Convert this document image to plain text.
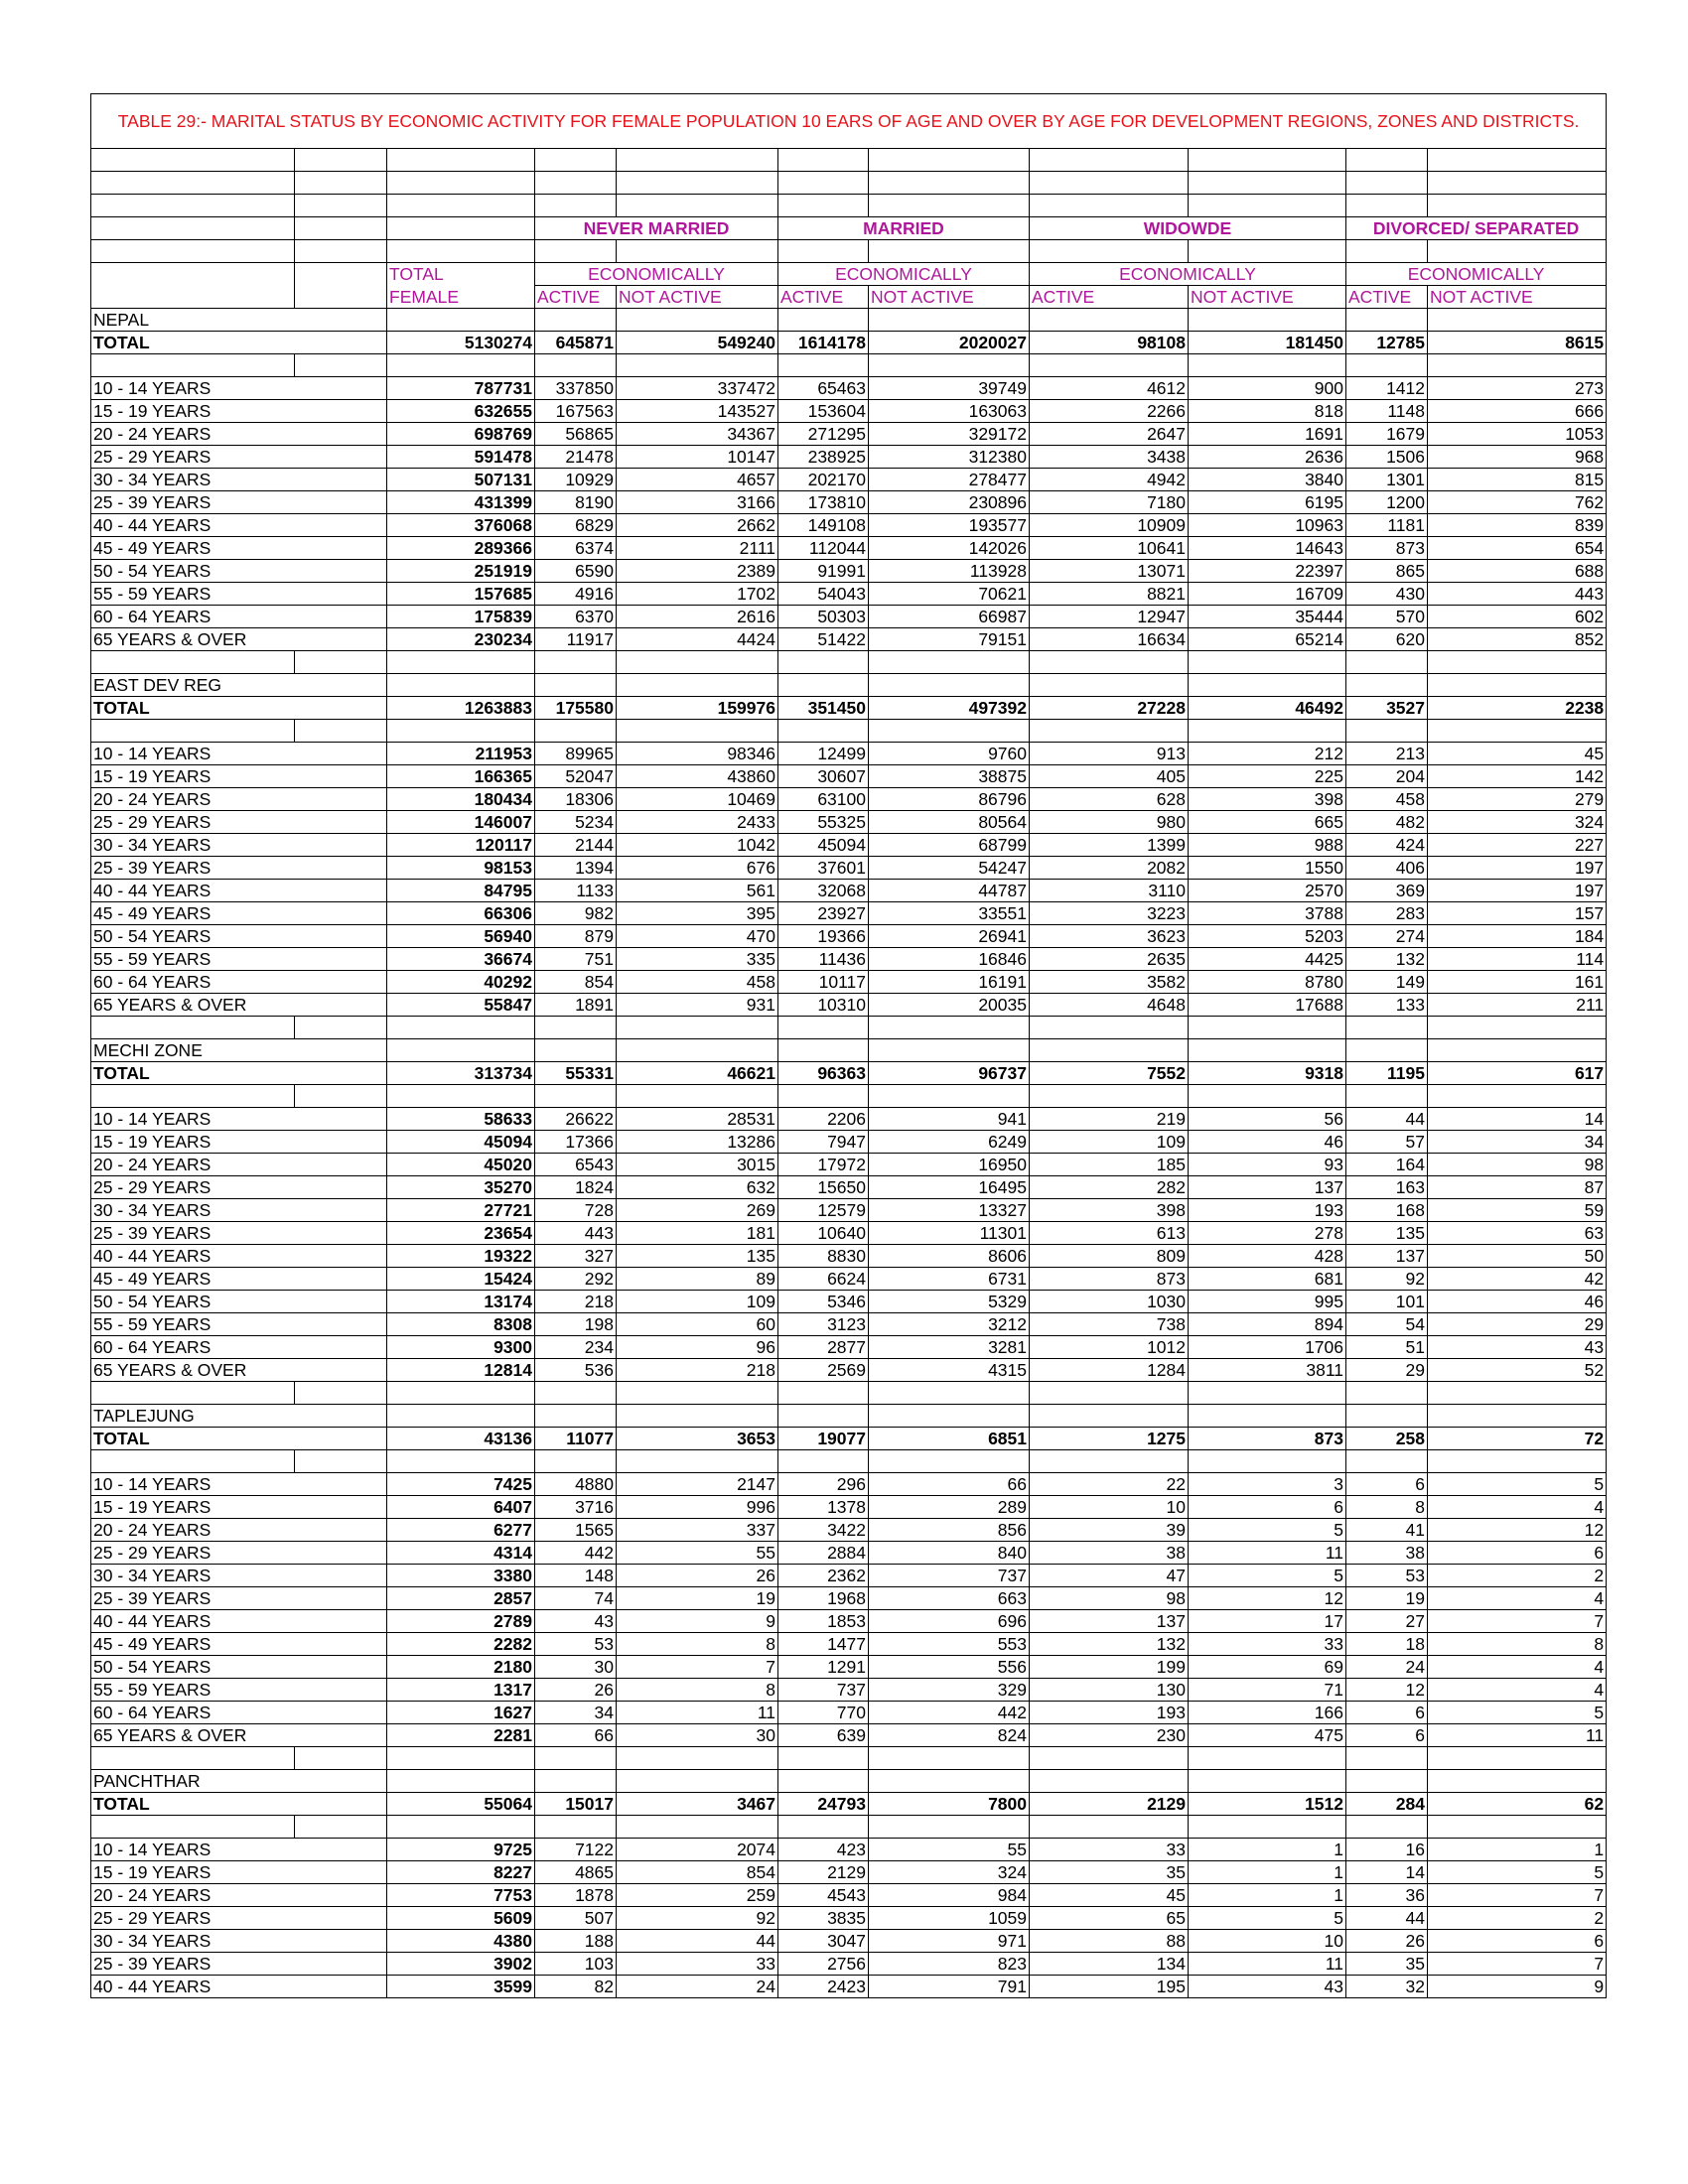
TABLE 29:- MARITAL STATUS BY ECONOMIC ACTIVITY FOR FEMALE POPULATION 10 EARS OF AGE AND OVER BY AGE FOR DEVELOPMENT REGIONS, ZONES AND DISTRICTS.										

			NEVER MARRIED		MARRIED		WIDOWDE		DIVORCED/ SEPARATED	

		TOTAL	ECONOMICALLY		ECONOMICALLY		ECONOMICALLY		ECONOMICALLY	
		FEMALE	ACTIVE	NOT ACTIVE	ACTIVE	NOT ACTIVE	ACTIVE	NOT ACTIVE	ACTIVE	NOT ACTIVE
NEPAL										
TOTAL		5130274	645871	549240	1614178	2020027	98108	181450	12785	8615

10 - 14 YEARS		787731	337850	337472	65463	39749	4612	900	1412	273
15 - 19 YEARS		632655	167563	143527	153604	163063	2266	818	1148	666
20 - 24 YEARS		698769	56865	34367	271295	329172	2647	1691	1679	1053
25 - 29 YEARS		591478	21478	10147	238925	312380	3438	2636	1506	968
30 - 34 YEARS		507131	10929	4657	202170	278477	4942	3840	1301	815
25 - 39 YEARS		431399	8190	3166	173810	230896	7180	6195	1200	762
40 - 44 YEARS		376068	6829	2662	149108	193577	10909	10963	1181	839
45 - 49 YEARS		289366	6374	2111	112044	142026	10641	14643	873	654
50 - 54 YEARS		251919	6590	2389	91991	113928	13071	22397	865	688
55 - 59 YEARS		157685	4916	1702	54043	70621	8821	16709	430	443
60 - 64 YEARS		175839	6370	2616	50303	66987	12947	35444	570	602
65 YEARS & OVER		230234	11917	4424	51422	79151	16634	65214	620	852

EAST DEV REG										
TOTAL		1263883	175580	159976	351450	497392	27228	46492	3527	2238

10 - 14 YEARS		211953	89965	98346	12499	9760	913	212	213	45
15 - 19 YEARS		166365	52047	43860	30607	38875	405	225	204	142
20 - 24 YEARS		180434	18306	10469	63100	86796	628	398	458	279
25 - 29 YEARS		146007	5234	2433	55325	80564	980	665	482	324
30 - 34 YEARS		120117	2144	1042	45094	68799	1399	988	424	227
25 - 39 YEARS		98153	1394	676	37601	54247	2082	1550	406	197
40 - 44 YEARS		84795	1133	561	32068	44787	3110	2570	369	197
45 - 49 YEARS		66306	982	395	23927	33551	3223	3788	283	157
50 - 54 YEARS		56940	879	470	19366	26941	3623	5203	274	184
55 - 59 YEARS		36674	751	335	11436	16846	2635	4425	132	114
60 - 64 YEARS		40292	854	458	10117	16191	3582	8780	149	161
65 YEARS & OVER		55847	1891	931	10310	20035	4648	17688	133	211

MECHI ZONE										
TOTAL		313734	55331	46621	96363	96737	7552	9318	1195	617

10 - 14 YEARS		58633	26622	28531	2206	941	219	56	44	14
15 - 19 YEARS		45094	17366	13286	7947	6249	109	46	57	34
20 - 24 YEARS		45020	6543	3015	17972	16950	185	93	164	98
25 - 29 YEARS		35270	1824	632	15650	16495	282	137	163	87
30 - 34 YEARS		27721	728	269	12579	13327	398	193	168	59
25 - 39 YEARS		23654	443	181	10640	11301	613	278	135	63
40 - 44 YEARS		19322	327	135	8830	8606	809	428	137	50
45 - 49 YEARS		15424	292	89	6624	6731	873	681	92	42
50 - 54 YEARS		13174	218	109	5346	5329	1030	995	101	46
55 - 59 YEARS		8308	198	60	3123	3212	738	894	54	29
60 - 64 YEARS		9300	234	96	2877	3281	1012	1706	51	43
65 YEARS & OVER		12814	536	218	2569	4315	1284	3811	29	52

TAPLEJUNG										
TOTAL		43136	11077	3653	19077	6851	1275	873	258	72

10 - 14 YEARS		7425	4880	2147	296	66	22	3	6	5
15 - 19 YEARS		6407	3716	996	1378	289	10	6	8	4
20 - 24 YEARS		6277	1565	337	3422	856	39	5	41	12
25 - 29 YEARS		4314	442	55	2884	840	38	11	38	6
30 - 34 YEARS		3380	148	26	2362	737	47	5	53	2
25 - 39 YEARS		2857	74	19	1968	663	98	12	19	4
40 - 44 YEARS		2789	43	9	1853	696	137	17	27	7
45 - 49 YEARS		2282	53	8	1477	553	132	33	18	8
50 - 54 YEARS		2180	30	7	1291	556	199	69	24	4
55 - 59 YEARS		1317	26	8	737	329	130	71	12	4
60 - 64 YEARS		1627	34	11	770	442	193	166	6	5
65 YEARS & OVER		2281	66	30	639	824	230	475	6	11

PANCHTHAR										
TOTAL		55064	15017	3467	24793	7800	2129	1512	284	62

10 - 14 YEARS		9725	7122	2074	423	55	33	1	16	1
15 - 19 YEARS		8227	4865	854	2129	324	35	1	14	5
20 - 24 YEARS		7753	1878	259	4543	984	45	1	36	7
25 - 29 YEARS		5609	507	92	3835	1059	65	5	44	2
30 - 34 YEARS		4380	188	44	3047	971	88	10	26	6
25 - 39 YEARS		3902	103	33	2756	823	134	11	35	7
40 - 44 YEARS		3599	82	24	2423	791	195	43	32	9
